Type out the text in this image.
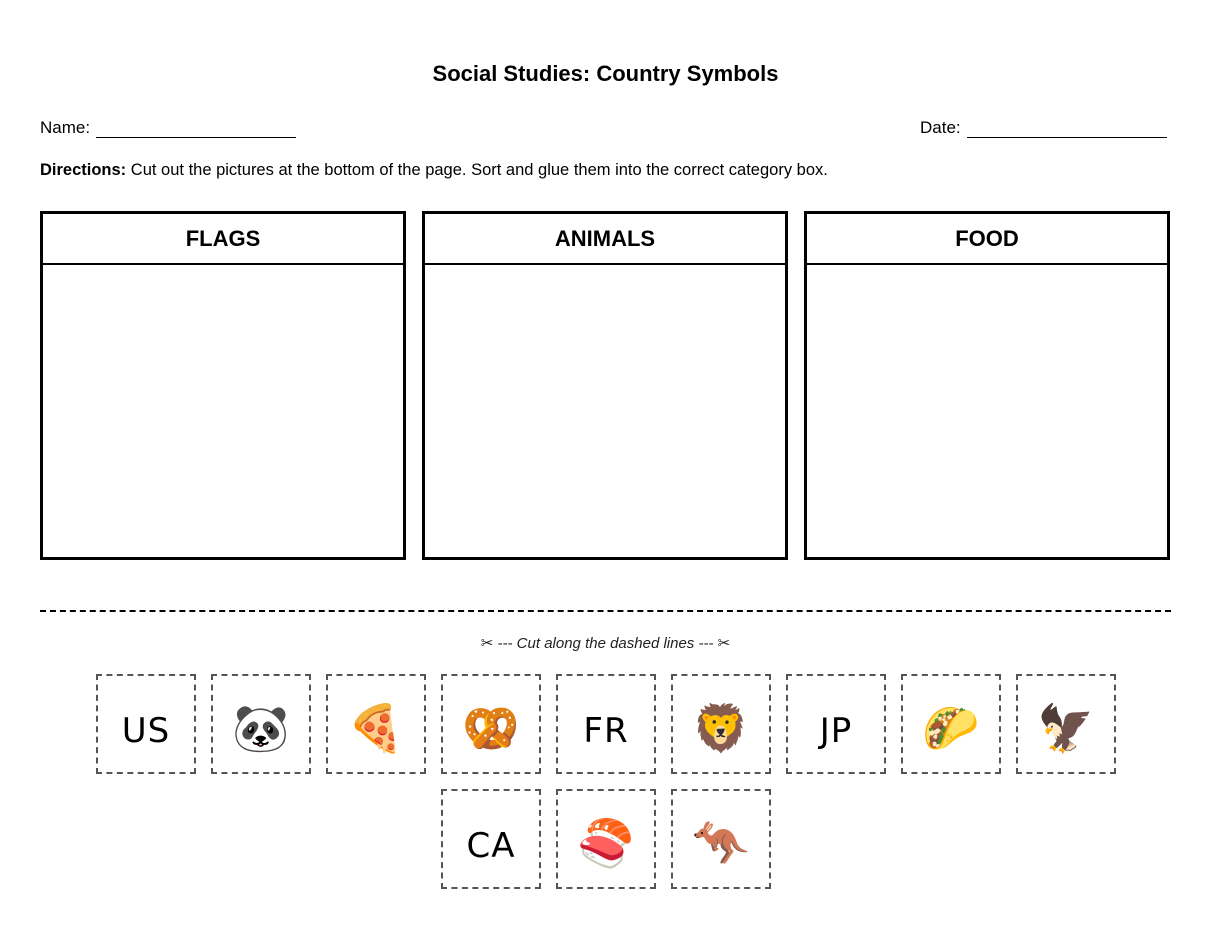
Social Studies: Country Symbols
Name:	Date:
Directions: Cut out the pictures at the bottom of the page. Sort and glue them into the correct category box.
FLAGS	ANIMALS	FOOD
✂ --- Cut along the dashed lines --- ✂
US 🐼 🍕 🥨 FR 🦁 JP 🌮 🦅
CA 🍣 🦘
